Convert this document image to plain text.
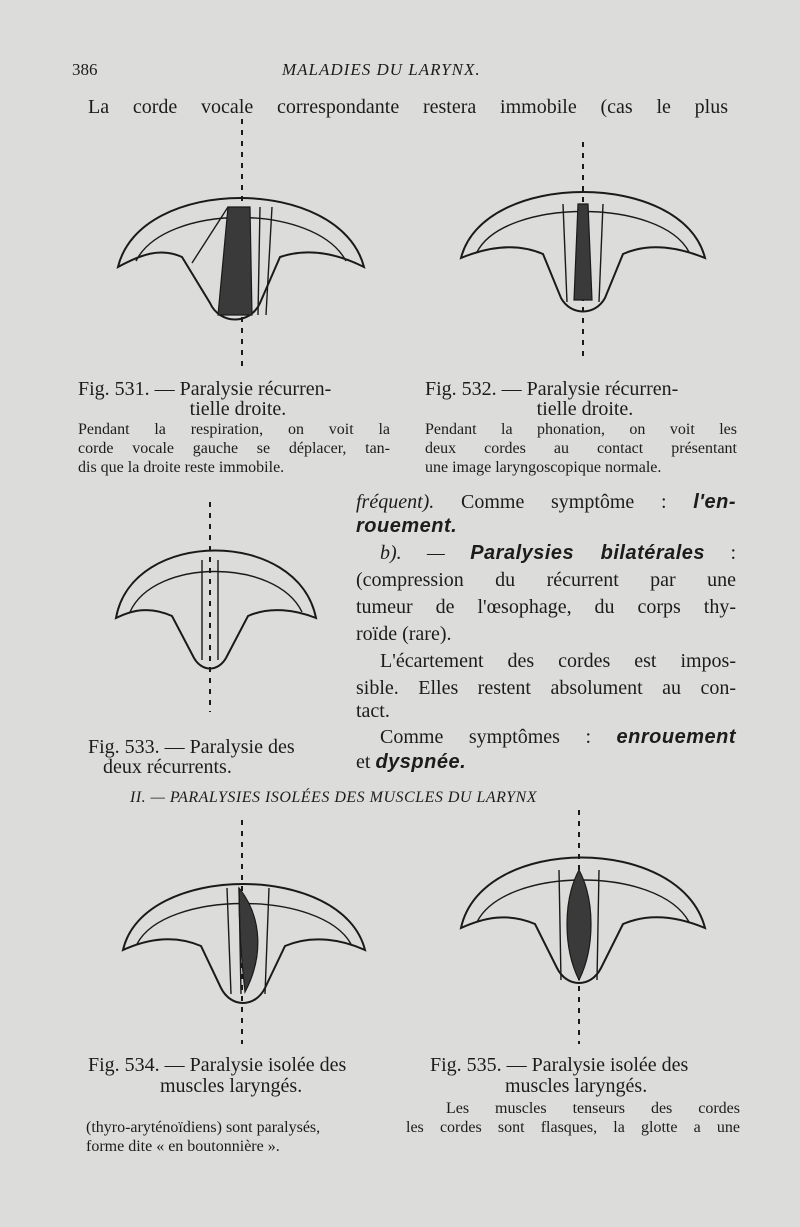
386	MALADIES DU LARYNX.

La corde vocale correspondante restera immobile (cas le plus

Fig. 531. — Paralysie récurren-

tielle droite.

Pendant la respiration, on voit la

corde vocale gauche se déplacer, tan-

dis que la droite reste immobile.

Fig. 532. — Paralysie récurren-

tielle droite.

Pendant la phonation, on voit les

deux cordes au contact présentant

une image laryngoscopique normale.

Fig. 533. — Paralysie des

deux récurrents.

fréquent). Comme symptôme : l'en-

rouement.

b). — Paralysies bilatérales :

(compression du récurrent par une

tumeur de l'œsophage, du corps thy-

roïde (rare).

L'écartement des cordes est impos-

sible. Elles restent absolument au con-

tact.

Comme symptômes : enrouement

et dyspnée.

II. — PARALYSIES ISOLÉES DES MUSCLES DU LARYNX

Fig. 534. — Paralysie isolée des

muscles laryngés.

Fig. 535. — Paralysie isolée des

muscles laryngés.

Les muscles tenseurs des cordes

(thyro-aryténoïdiens) sont paralysés,	les cordes sont flasques, la glotte a une

forme dite « en boutonnière ».
